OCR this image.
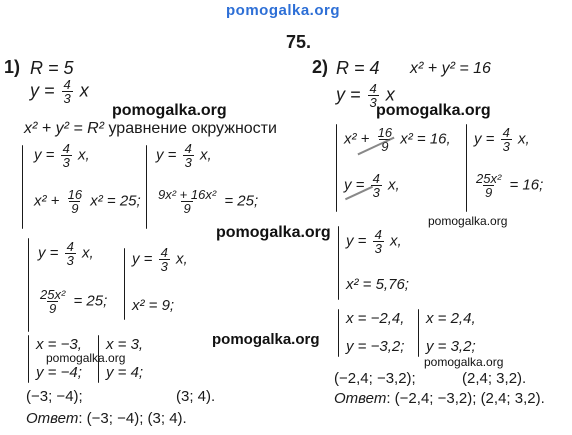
pomogalka.org
75.
1) R = 5
$y = \frac{4}{3}$ x
x² + y² = R² уравнение окружности
$y = \frac{4}{3} x$,
$x^2 + \frac{16}{9} x^2 = 25$;
$y = \frac{4}{3} x$,
$\frac{\text{9x² + 16x²}}{9} = 25$;
$y = \frac{4}{3} x$,
$\frac{\text{25x²}}{9} = 25$;
$y = \frac{4}{3} x$,
x² = 9;
x = −3,
y = −4;
x = 3,
y = 4;
(−3; −4);	(3; 4).
Ответ: (−3; −4); (3; 4).
2) R = 4 x² + y² = 16
$y = \frac{4}{3}$ x
$x^2 + \frac{16}{9} x^2 = 16$,
$y = \frac{4}{3} x$,
$y = \frac{4}{3} x$,
$\frac{\text{25x²}}{9} = 16$;
$y = \frac{4}{3} x$,
x² = 5,76;
x = −2,4,
y = −3,2;
x = 2,4,
y = 3,2;
(−2,4; −3,2);	(2,4; 3,2).
Ответ: (−2,4; −3,2); (2,4; 3,2).
pomogalka.org	pomogalka.org
pomogalka.org
pomogalka.org
pomogalka.org
pomogalka.org	pomogalka.org
